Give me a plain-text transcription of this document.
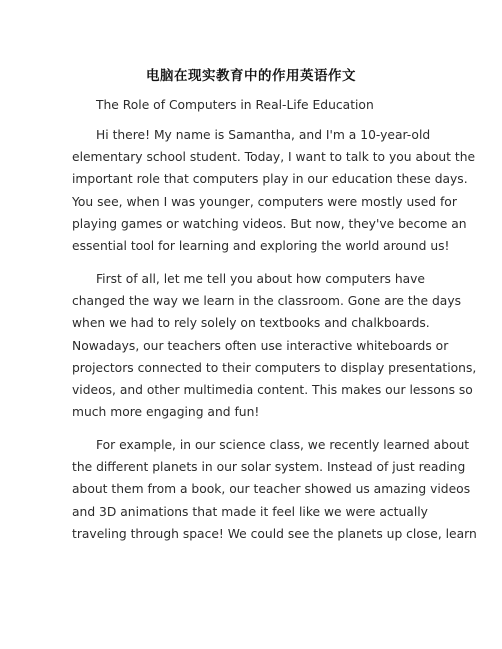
电脑在现实教育中的作用英语作文
The Role of Computers in Real-Life Education
Hi there! My name is Samantha, and I'm a 10-year-old
elementary school student. Today, I want to talk to you about the
important role that computers play in our education these days.
You see, when I was younger, computers were mostly used for
playing games or watching videos. But now, they've become an
essential tool for learning and exploring the world around us!
First of all, let me tell you about how computers have
changed the way we learn in the classroom. Gone are the days
when we had to rely solely on textbooks and chalkboards.
Nowadays, our teachers often use interactive whiteboards or
projectors connected to their computers to display presentations,
videos, and other multimedia content. This makes our lessons so
much more engaging and fun!
For example, in our science class, we recently learned about
the different planets in our solar system. Instead of just reading
about them from a book, our teacher showed us amazing videos
and 3D animations that made it feel like we were actually
traveling through space! We could see the planets up close, learn
